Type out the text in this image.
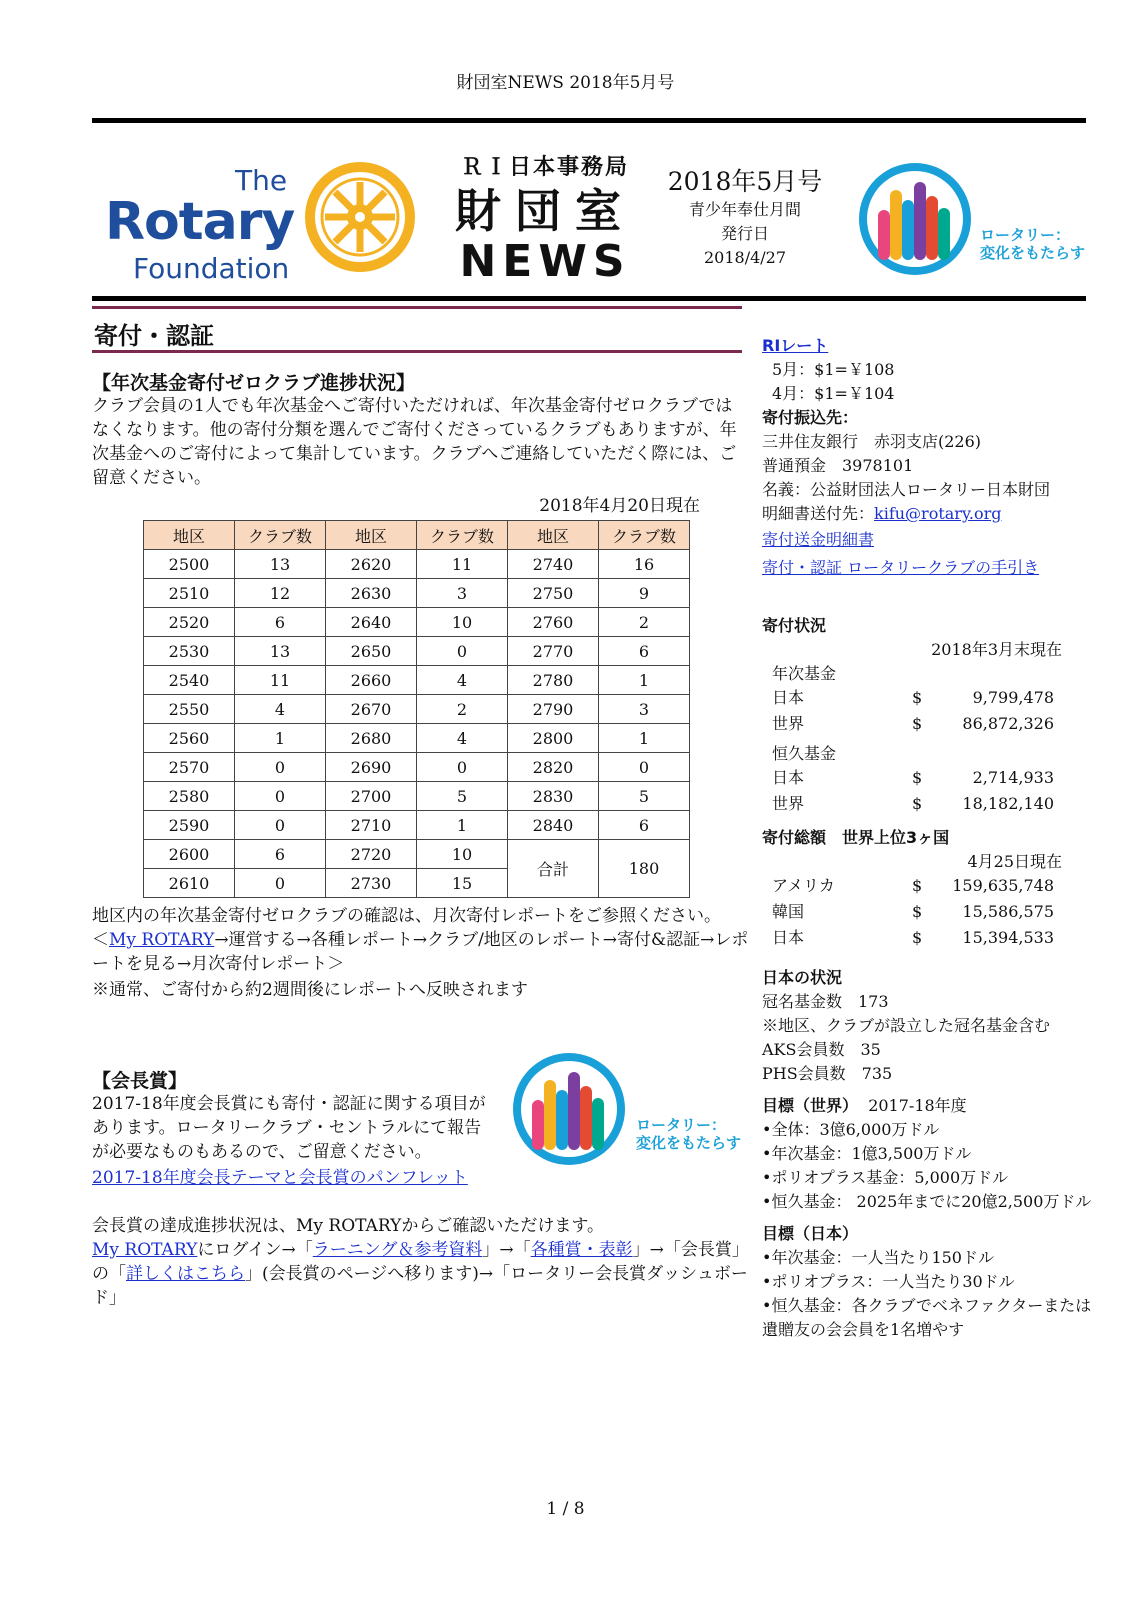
財団室NEWS 2018年5月号
The
Rotary
Foundation
ＲＩ日本事務局
財団室
NEWS
2018年5月号
青少年奉仕月間
発行日
2018/4/27
ロータリー：
変化をもたらす
寄付・認証
【年次基金寄付ゼロクラブ進捗状況】
クラブ会員の1人でも年次基金へご寄付いただければ、年次基金寄付ゼロクラブではなくなります。他の寄付分類を選んでご寄付くださっているクラブもありますが、年次基金へのご寄付によって集計しています。クラブへご連絡していただく際には、ご留意ください。
2018年4月20日現在
地区	クラブ数	地区	クラブ数	地区	クラブ数
2500	13	2620	11	2740	16
2510	12	2630	3	2750	9
2520	6	2640	10	2760	2
2530	13	2650	0	2770	6
2540	11	2660	4	2780	1
2550	4	2670	2	2790	3
2560	1	2680	4	2800	1
2570	0	2690	0	2820	0
2580	0	2700	5	2830	5
2590	0	2710	1	2840	6
2600	6	2720	10	合計	180
2610	0	2730	15		
地区内の年次基金寄付ゼロクラブの確認は、月次寄付レポートをご参照ください。
＜My ROTARY→運営する→各種レポート→クラブ/地区のレポート→寄付&認証→レポートを見る→月次寄付レポート＞
※通常、ご寄付から約2週間後にレポートへ反映されます
【会長賞】
2017-18年度会長賞にも寄付・認証に関する項目があります。ロータリークラブ・セントラルにて報告が必要なものもあるので、ご留意ください。
2017-18年度会長テーマと会長賞のパンフレット
ロータリー：
変化をもたらす
会長賞の達成進捗状況は、My ROTARYからご確認いただけます。
My ROTARYにログイン→「ラーニング＆参考資料」→「各種賞・表彰」→「会長賞」の「詳しくはこちら」(会長賞のページへ移ります)→「ロータリー会長賞ダッシュボード」
RIレート
5月：$1=￥108
4月：$1=￥104
寄付振込先：
三井住友銀行　赤羽支店(226)
普通預金　3978101
名義：公益財団法人ロータリー日本財団
明細書送付先：kifu@rotary.org
寄付送金明細書
寄付・認証 ロータリークラブの手引き
寄付状況
2018年3月末現在
年次基金
日本	$	9,799,478
世界	$	86,872,326
恒久基金
日本	$	2,714,933
世界	$	18,182,140
寄付総額　世界上位3ヶ国
4月25日現在
アメリカ	$ 159,635,748
韓国	$	15,586,575
日本	$	15,394,533
日本の状況
冠名基金数　173
※地区、クラブが設立した冠名基金含む
AKS会員数　35
PHS会員数　735
目標（世界） 2017-18年度
•全体：3億6,000万ドル
•年次基金：1億3,500万ドル
•ポリオプラス基金：5,000万ドル
•恒久基金： 2025年までに20億2,500万ドル
目標（日本）
•年次基金：一人当たり150ドル
•ポリオプラス：一人当たり30ドル
•恒久基金：各クラブでベネファクターまたは遺贈友の会会員を1名増やす
1 / 8
